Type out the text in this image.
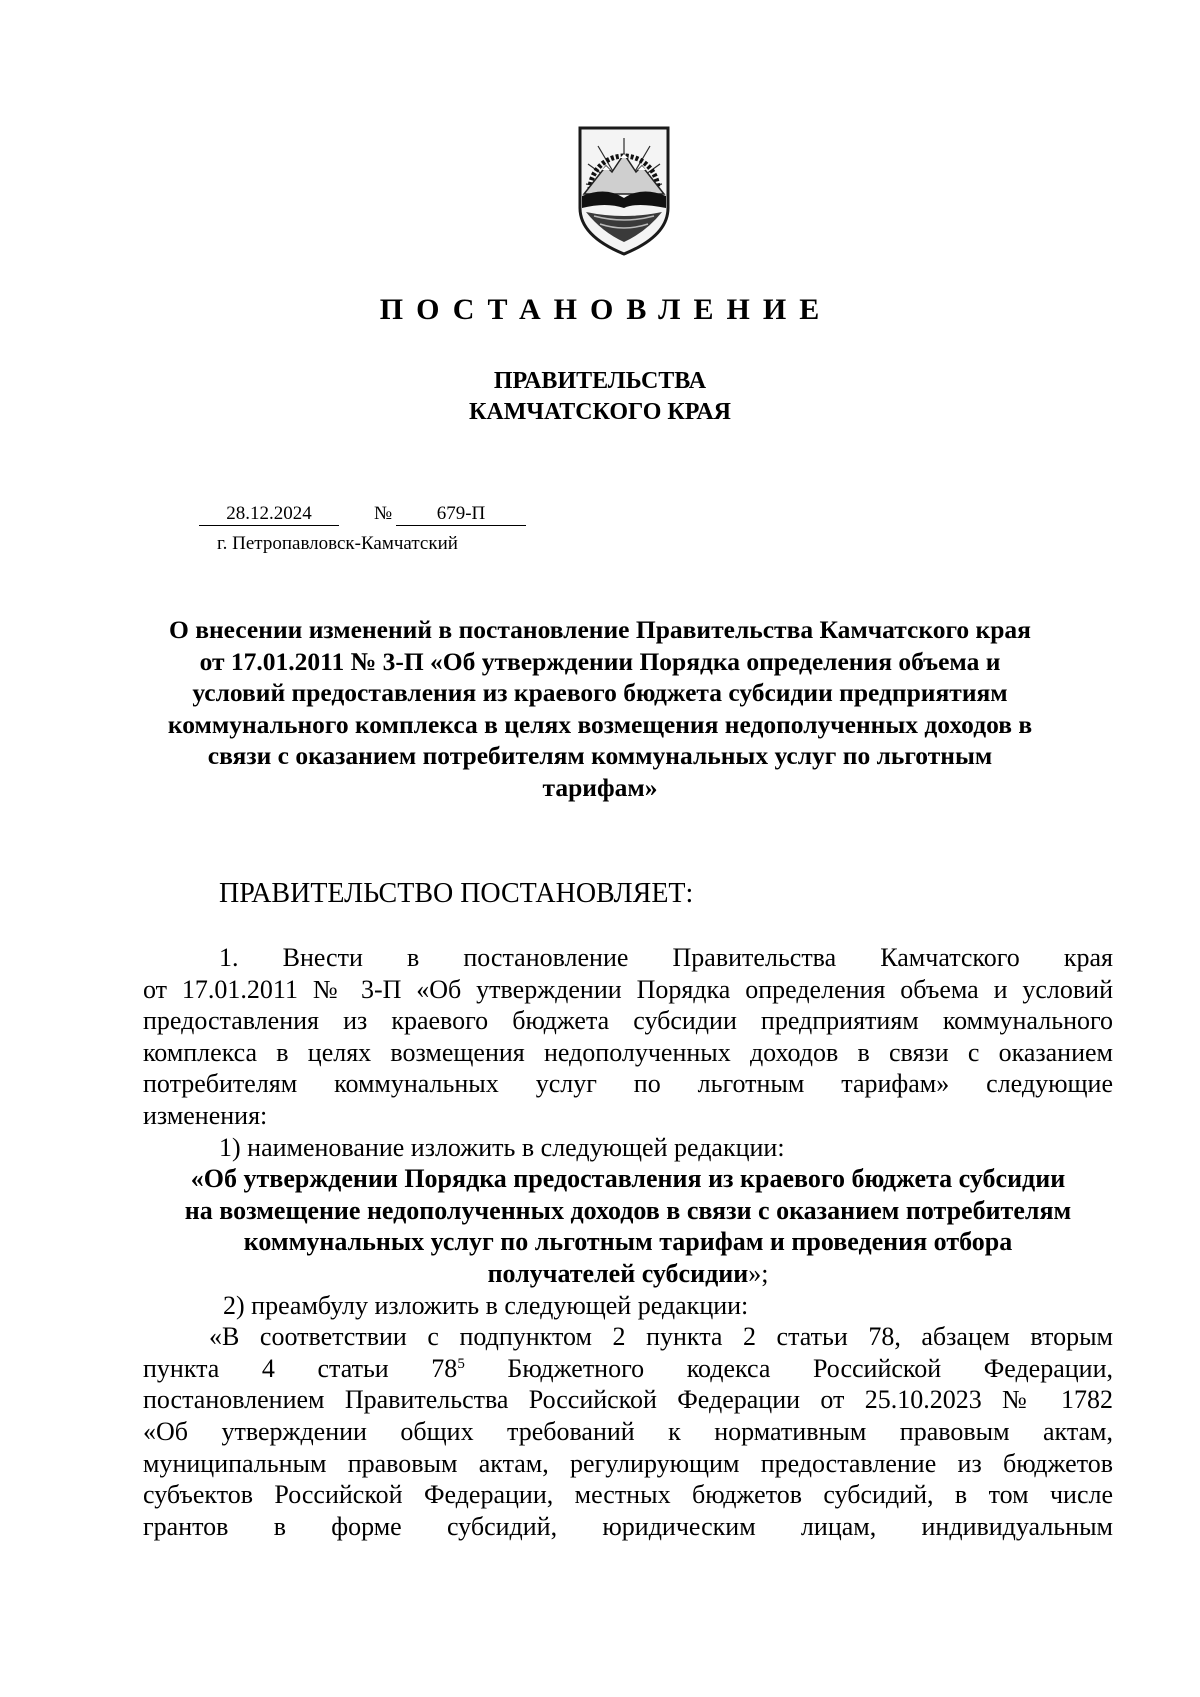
ПОСТАНОВЛЕНИЕ
ПРАВИТЕЛЬСТВА
КАМЧАТСКОГО КРАЯ
28.12.2024	№	679-П
г. Петропавловск-Камчатский
О внесении изменений в постановление Правительства Камчатского края
от 17.01.2011 № 3-П «Об утверждении Порядка определения объема и
условий предоставления из краевого бюджета субсидии предприятиям
коммунального комплекса в целях возмещения недополученных доходов в
связи с оказанием потребителям коммунальных услуг по льготным
тарифам»
ПРАВИТЕЛЬСТВО ПОСТАНОВЛЯЕТ:
1. Внести в постановление Правительства Камчатского края
от 17.01.2011 № 3-П «Об утверждении Порядка определения объема и условий
предоставления из краевого бюджета субсидии предприятиям коммунального
комплекса в целях возмещения недополученных доходов в связи с оказанием
потребителям коммунальных услуг по льготным тарифам» следующие
изменения:
1) наименование изложить в следующей редакции:
«Об утверждении Порядка предоставления из краевого бюджета субсидии
на возмещение недополученных доходов в связи с оказанием потребителям
коммунальных услуг по льготным тарифам и проведения отбора
получателей субсидии»;
2) преамбулу изложить в следующей редакции:
«В соответствии с подпунктом 2 пункта 2 статьи 78, абзацем вторым
пункта 4 статьи $78^5$ Бюджетного кодекса Российской Федерации,
постановлением Правительства Российской Федерации от 25.10.2023 № 1782
«Об утверждении общих требований к нормативным правовым актам,
муниципальным правовым актам, регулирующим предоставление из бюджетов
субъектов Российской Федерации, местных бюджетов субсидий, в том числе
грантов в форме субсидий, юридическим лицам, индивидуальным
